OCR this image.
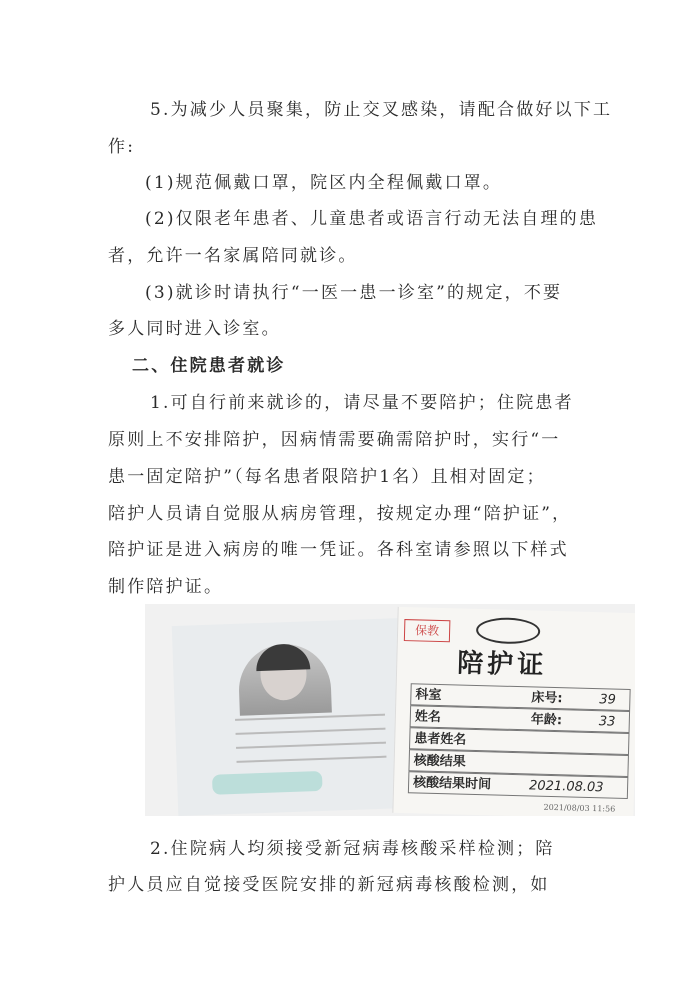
5.为减少人员聚集，防止交叉感染，请配合做好以下工
作:
(1)规范佩戴口罩，院区内全程佩戴口罩。
(2)仅限老年患者、儿童患者或语言行动无法自理的患
者，允许一名家属陪同就诊。
(3)就诊时请执行“一医一患一诊室”的规定，不要
多人同时进入诊室。
二、住院患者就诊
1.可自行前来就诊的，请尽量不要陪护；住院患者
原则上不安排陪护，因病情需要确需陪护时，实行“一
患一固定陪护”（每名患者限陪护1名）且相对固定；
陪护人员请自觉服从病房管理，按规定办理“陪护证”，
陪护证是进入病房的唯一凭证。各科室请参照以下样式
制作陪护证。
保教
陪护证
科室	床号:	39
姓名	年龄:	33
患者姓名
核酸结果
核酸结果时间	2021.08.03
2021/08/03 11:56
2.住院病人均须接受新冠病毒核酸采样检测；陪
护人员应自觉接受医院安排的新冠病毒核酸检测，如
